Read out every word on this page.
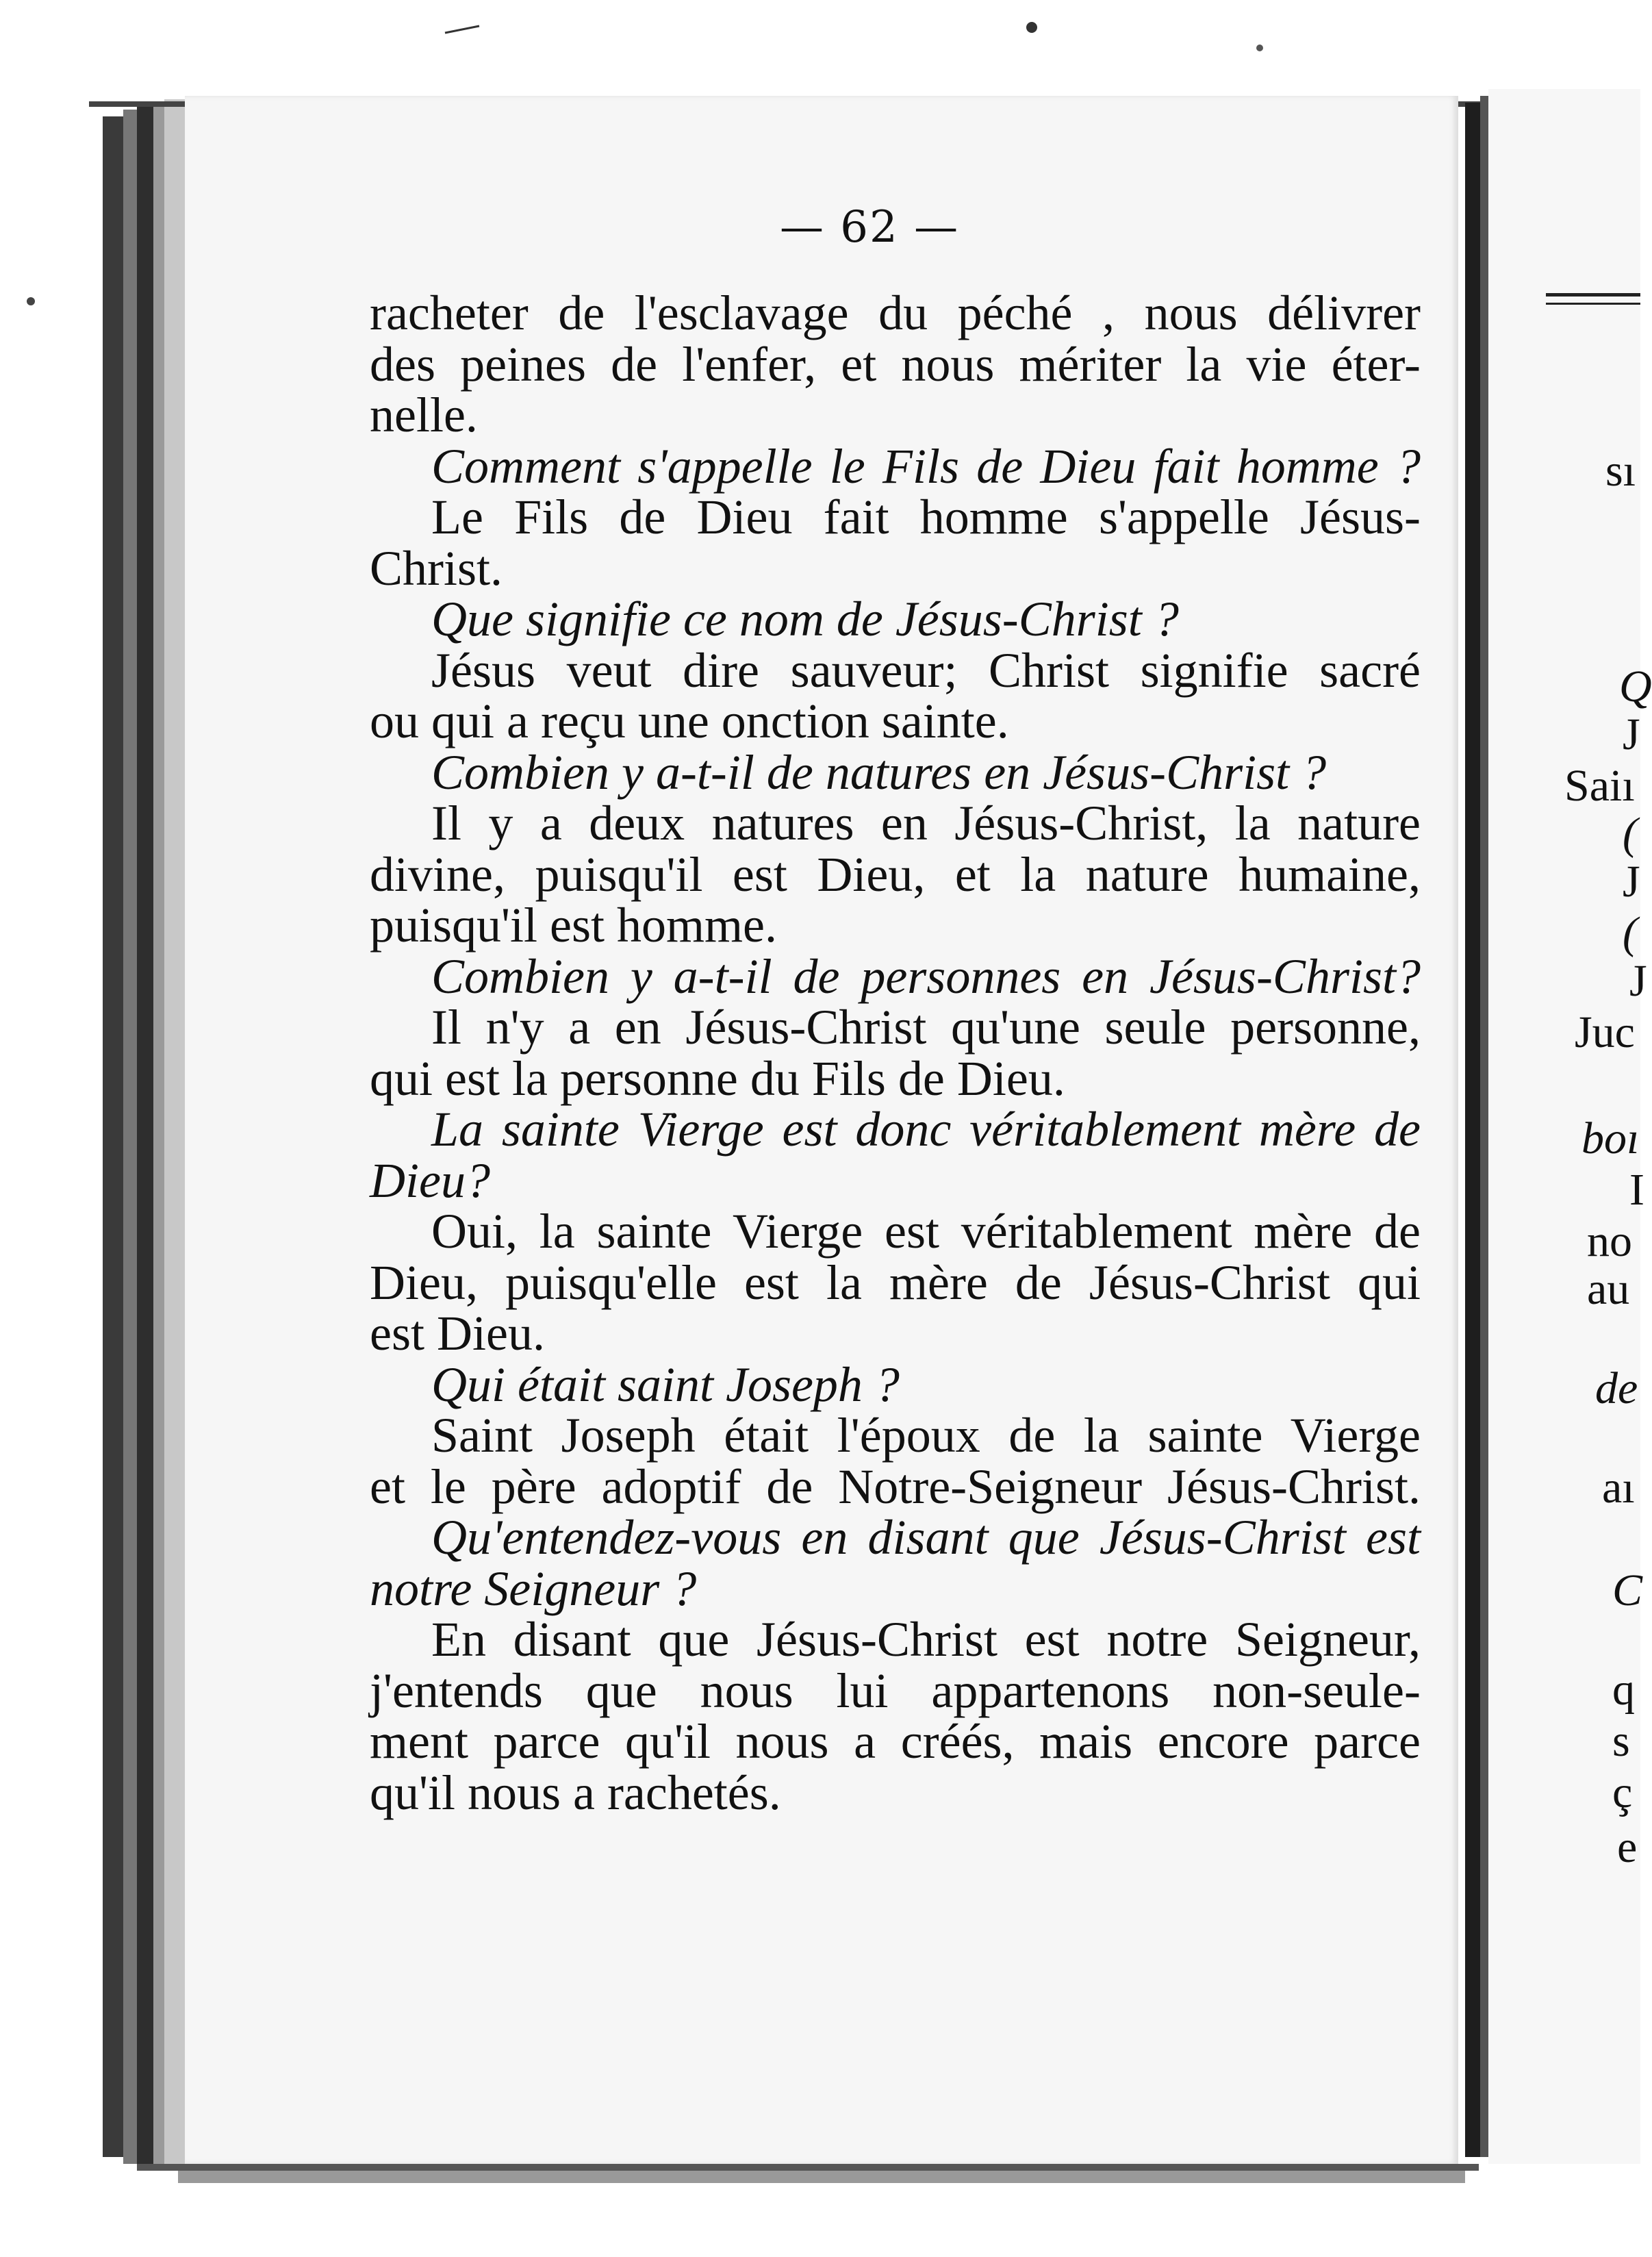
— 62 —
racheter de l'esclavage du péché , nous délivrer
des peines de l'enfer, et nous mériter la vie éter-
nelle.
Comment s'appelle le Fils de Dieu fait homme ?
Le Fils de Dieu fait homme s'appelle Jésus-
Christ.
Que signifie ce nom de Jésus-Christ ?
Jésus veut dire sauveur; Christ signifie sacré
ou qui a reçu une onction sainte.
Combien y a-t-il de natures en Jésus-Christ ?
Il y a deux natures en Jésus-Christ, la nature
divine, puisqu'il est Dieu, et la nature humaine,
puisqu'il est homme.
Combien y a-t-il de personnes en Jésus-Christ?
Il n'y a en Jésus-Christ qu'une seule personne,
qui est la personne du Fils de Dieu.
La sainte Vierge est donc véritablement mère de
Dieu?
Oui, la sainte Vierge est véritablement mère de
Dieu, puisqu'elle est la mère de Jésus-Christ qui
est Dieu.
Qui était saint Joseph ?
Saint Joseph était l'époux de la sainte Vierge
et le père adoptif de Notre-Seigneur Jésus-Christ.
Qu'entendez-vous en disant que Jésus-Christ est
notre Seigneur ?
En disant que Jésus-Christ est notre Seigneur,
j'entends que nous lui appartenons non-seule-
ment parce qu'il nous a créés, mais encore parce
qu'il nous a rachetés.
sı
Q
J
Saiı
(
J
(
J
Juc
boı
I
no
au
de
aı
C
q
s
ç
e
